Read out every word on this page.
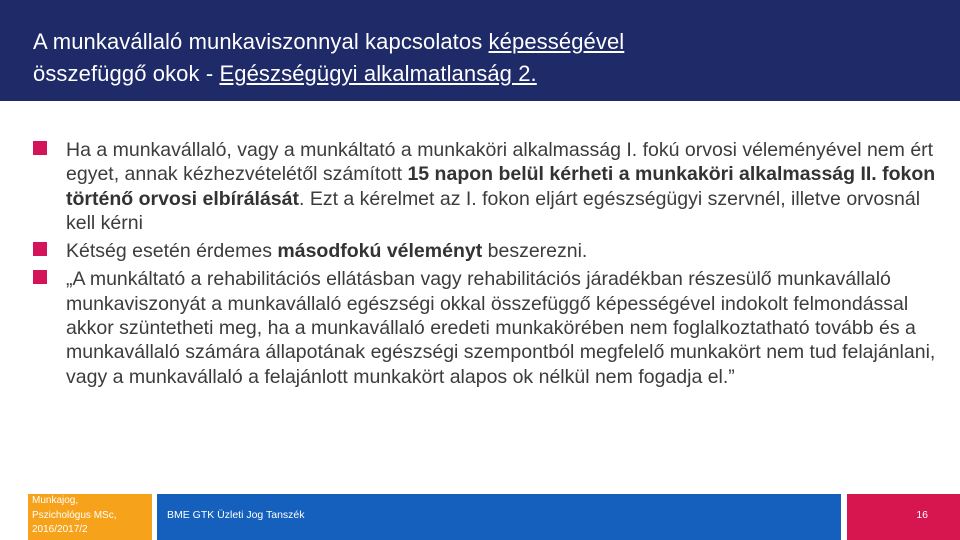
A munkavállaló munkaviszonnyal kapcsolatos képességével
összefüggő okok - Egészségügyi alkalmatlanság 2.
Ha a munkavállaló, vagy a munkáltató a munkaköri alkalmasság I. fokú orvosi véleményével nem ért egyet, annak kézhezvételétől számított 15 napon belül kérheti a munkaköri alkalmasság II. fokon történő orvosi elbírálását. Ezt a kérelmet az I. fokon eljárt egészségügyi szervnél, illetve orvosnál kell kérni
Kétség esetén érdemes másodfokú véleményt beszerezni.
„A munkáltató a rehabilitációs ellátásban vagy rehabilitációs járadékban részesülő munkavállaló munkaviszonyát a munkavállaló egészségi okkal összefüggő képességével indokolt felmondással akkor szüntetheti meg, ha a munkavállaló eredeti munkakörében nem foglalkoztatható tovább és a munkavállaló számára állapotának egészségi szempontból megfelelő munkakört nem tud felajánlani, vagy a munkavállaló a felajánlott munkakört alapos ok nélkül nem fogadja el.”
Munkajog,
Pszichológus MSc,
2016/2017/2
BME GTK Üzleti Jog Tanszék	16
